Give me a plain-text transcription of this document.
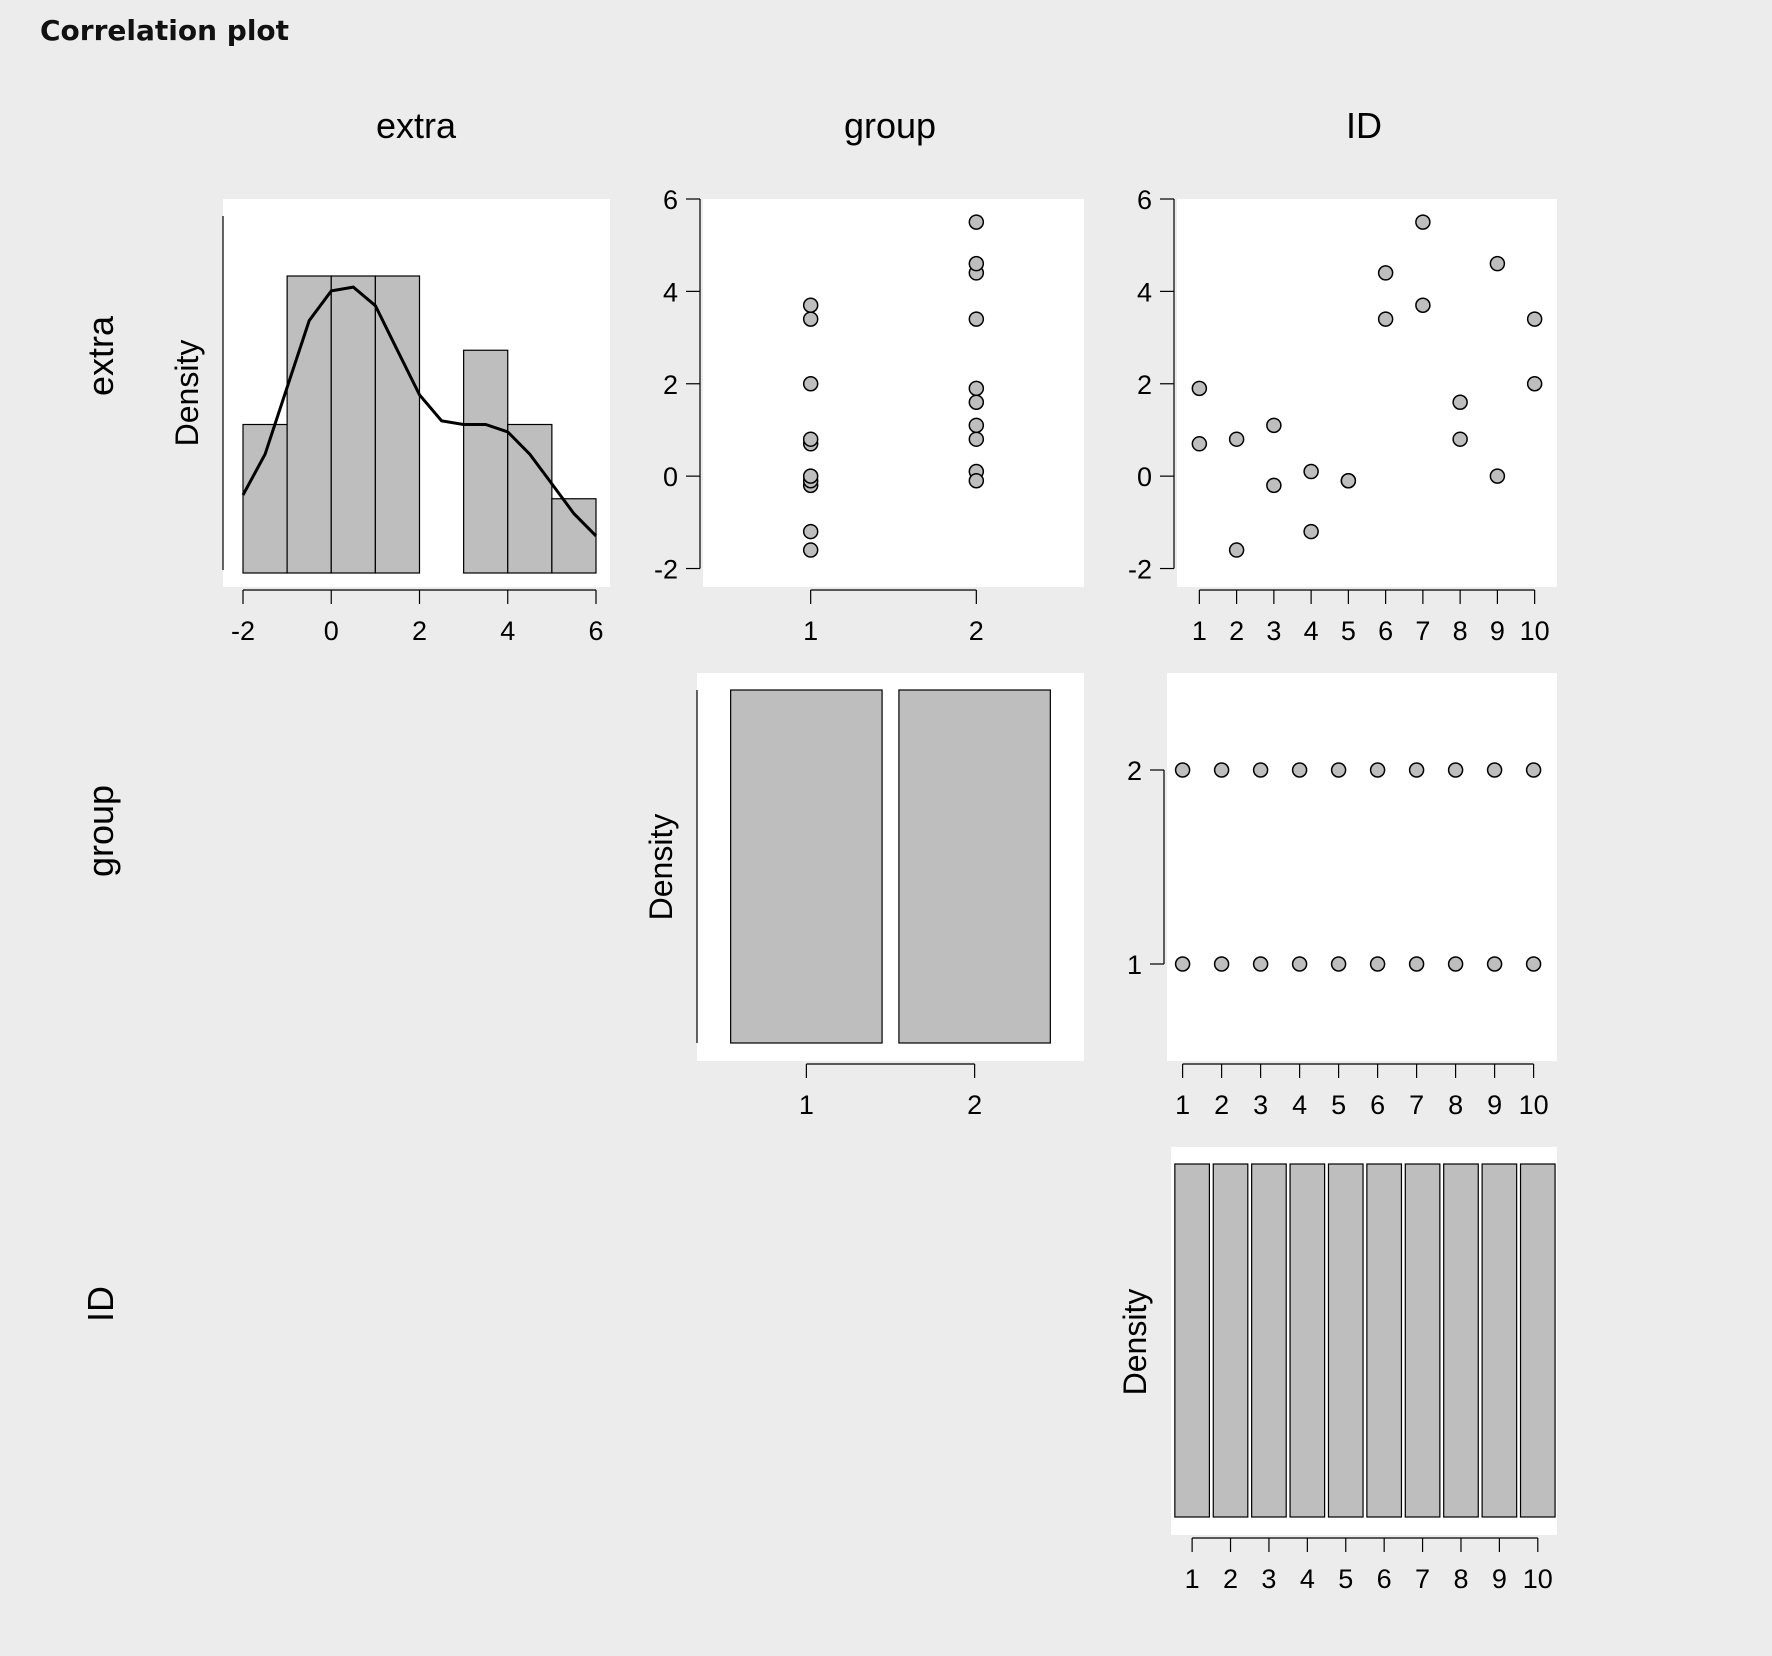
Correlation plot
extra	group	ID
extra
group
ID
-2	0	2	4	6
Density
1	2
-2
0
2
4
6
1 2 3 4 5 6 7 8 9 10
-2
0
2
4
6
1	2
Density
1 2 3 4 5 6 7 8 9 10
1
2
1 2 3 4 5 6 7 8 9 10
Density
